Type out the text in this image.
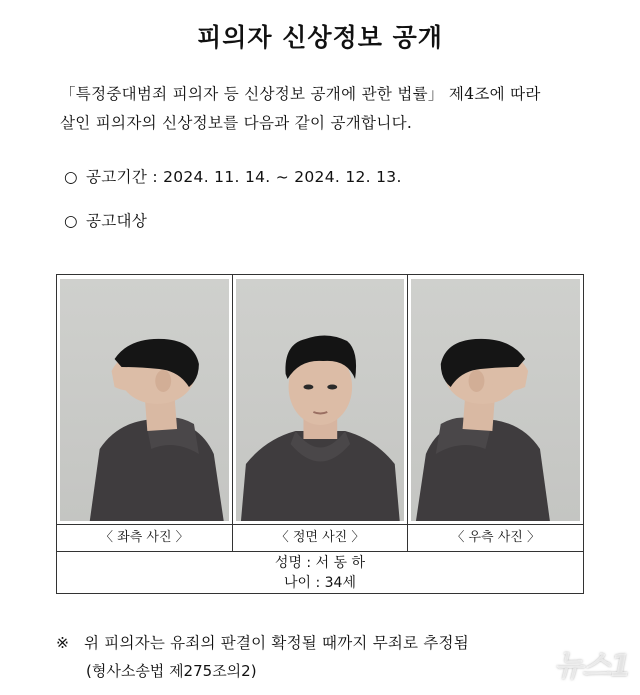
피의자 신상정보 공개
「특정중대범죄 피의자 등 신상정보 공개에 관한 법률」 제4조에 따라
살인 피의자의 신상정보를 다음과 같이 공개합니다.
○ 공고기간 : 2024. 11. 14. ~ 2024. 12. 13.
○ 공고대상
〈 좌측 사진 〉	〈 정면 사진 〉	〈 우측 사진 〉
성명 : 서 동 하
나이 : 34세
※ 위 피의자는 유죄의 판결이 확정될 때까지 무죄로 추정됨
(형사소송법 제275조의2)	뉴스1
